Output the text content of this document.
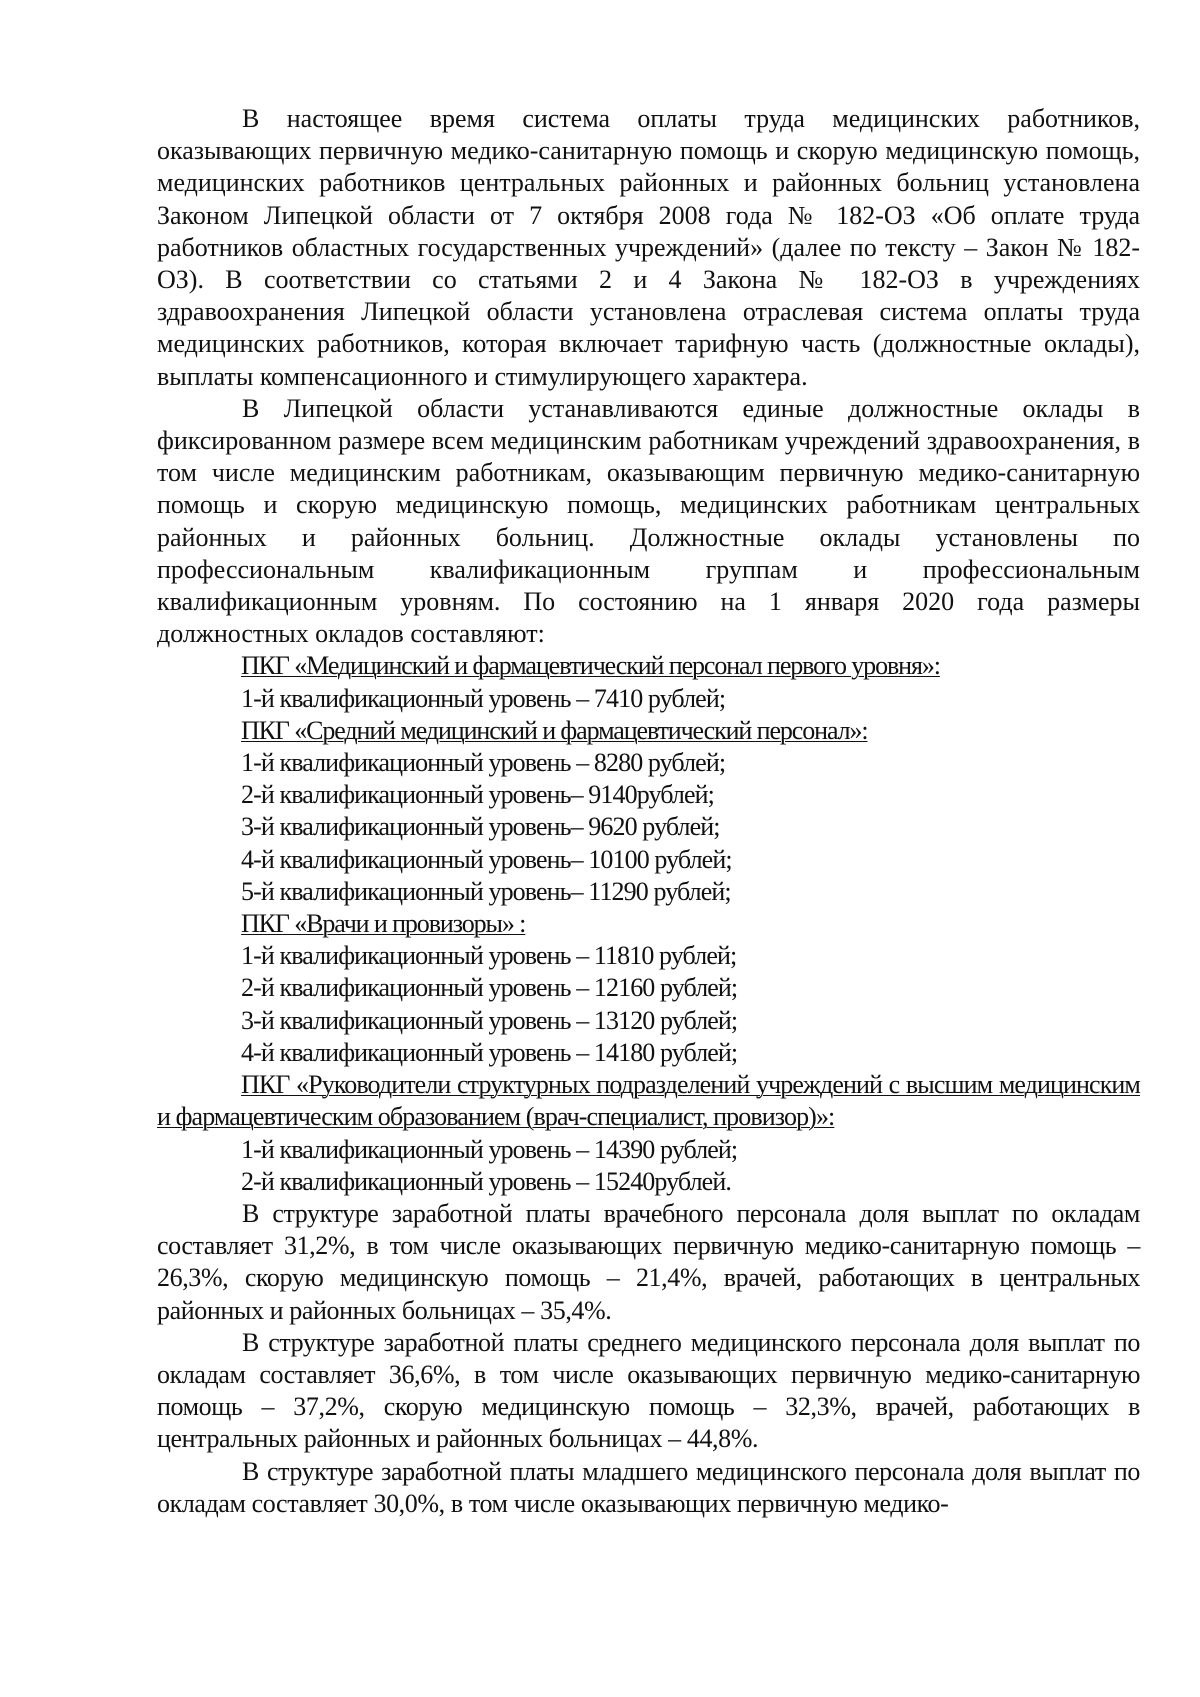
В настоящее время система оплаты труда медицинских работников, оказывающих первичную медико-санитарную помощь и скорую медицинскую помощь, медицинских работников центральных районных и районных больниц установлена Законом Липецкой области от 7 октября 2008 года № 182-ОЗ «Об оплате труда работников областных государственных учреждений» (далее по тексту – Закон № 182-ОЗ). В соответствии со статьями 2 и 4 Закона № 182-ОЗ в учреждениях здравоохранения Липецкой области установлена отраслевая система оплаты труда медицинских работников, которая включает тарифную часть (должностные оклады), выплаты компенсационного и стимулирующего характера.

В Липецкой области устанавливаются единые должностные оклады в фиксированном размере всем медицинским работникам учреждений здравоохранения, в том числе медицинским работникам, оказывающим первичную медико-санитарную помощь и скорую медицинскую помощь, медицинских работникам центральных районных и районных больниц. Должностные оклады установлены по профессиональным квалификационным группам и профессиональным квалификационным уровням. По состоянию на 1 января 2020 года размеры должностных окладов составляют:

ПКГ «Медицинский и фармацевтический персонал первого уровня»:

1-й квалификационный уровень – 7410 рублей;

ПКГ «Средний медицинский и фармацевтический персонал»:

1-й квалификационный уровень – 8280 рублей;

2-й квалификационный уровень– 9140рублей;

3-й квалификационный уровень– 9620 рублей;

4-й квалификационный уровень– 10100 рублей;

5-й квалификационный уровень– 11290 рублей;

ПКГ «Врачи и провизоры» :

1-й квалификационный уровень – 11810 рублей;

2-й квалификационный уровень – 12160 рублей;

3-й квалификационный уровень – 13120 рублей;

4-й квалификационный уровень – 14180 рублей;

ПКГ «Руководители структурных подразделений учреждений с высшим медицинским и фармацевтическим образованием (врач-специалист, провизор)»:

1-й квалификационный уровень – 14390 рублей;

2-й квалификационный уровень – 15240рублей.

В структуре заработной платы врачебного персонала доля выплат по окладам составляет 31,2%, в том числе оказывающих первичную медико-санитарную помощь – 26,3%, скорую медицинскую помощь – 21,4%, врачей, работающих в центральных районных и районных больницах – 35,4%.

В структуре заработной платы среднего медицинского персонала доля выплат по окладам составляет 36,6%, в том числе оказывающих первичную медико-санитарную помощь – 37,2%, скорую медицинскую помощь – 32,3%, врачей, работающих в центральных районных и районных больницах – 44,8%.

В структуре заработной платы младшего медицинского персонала доля выплат по окладам составляет 30,0%, в том числе оказывающих первичную медико-
